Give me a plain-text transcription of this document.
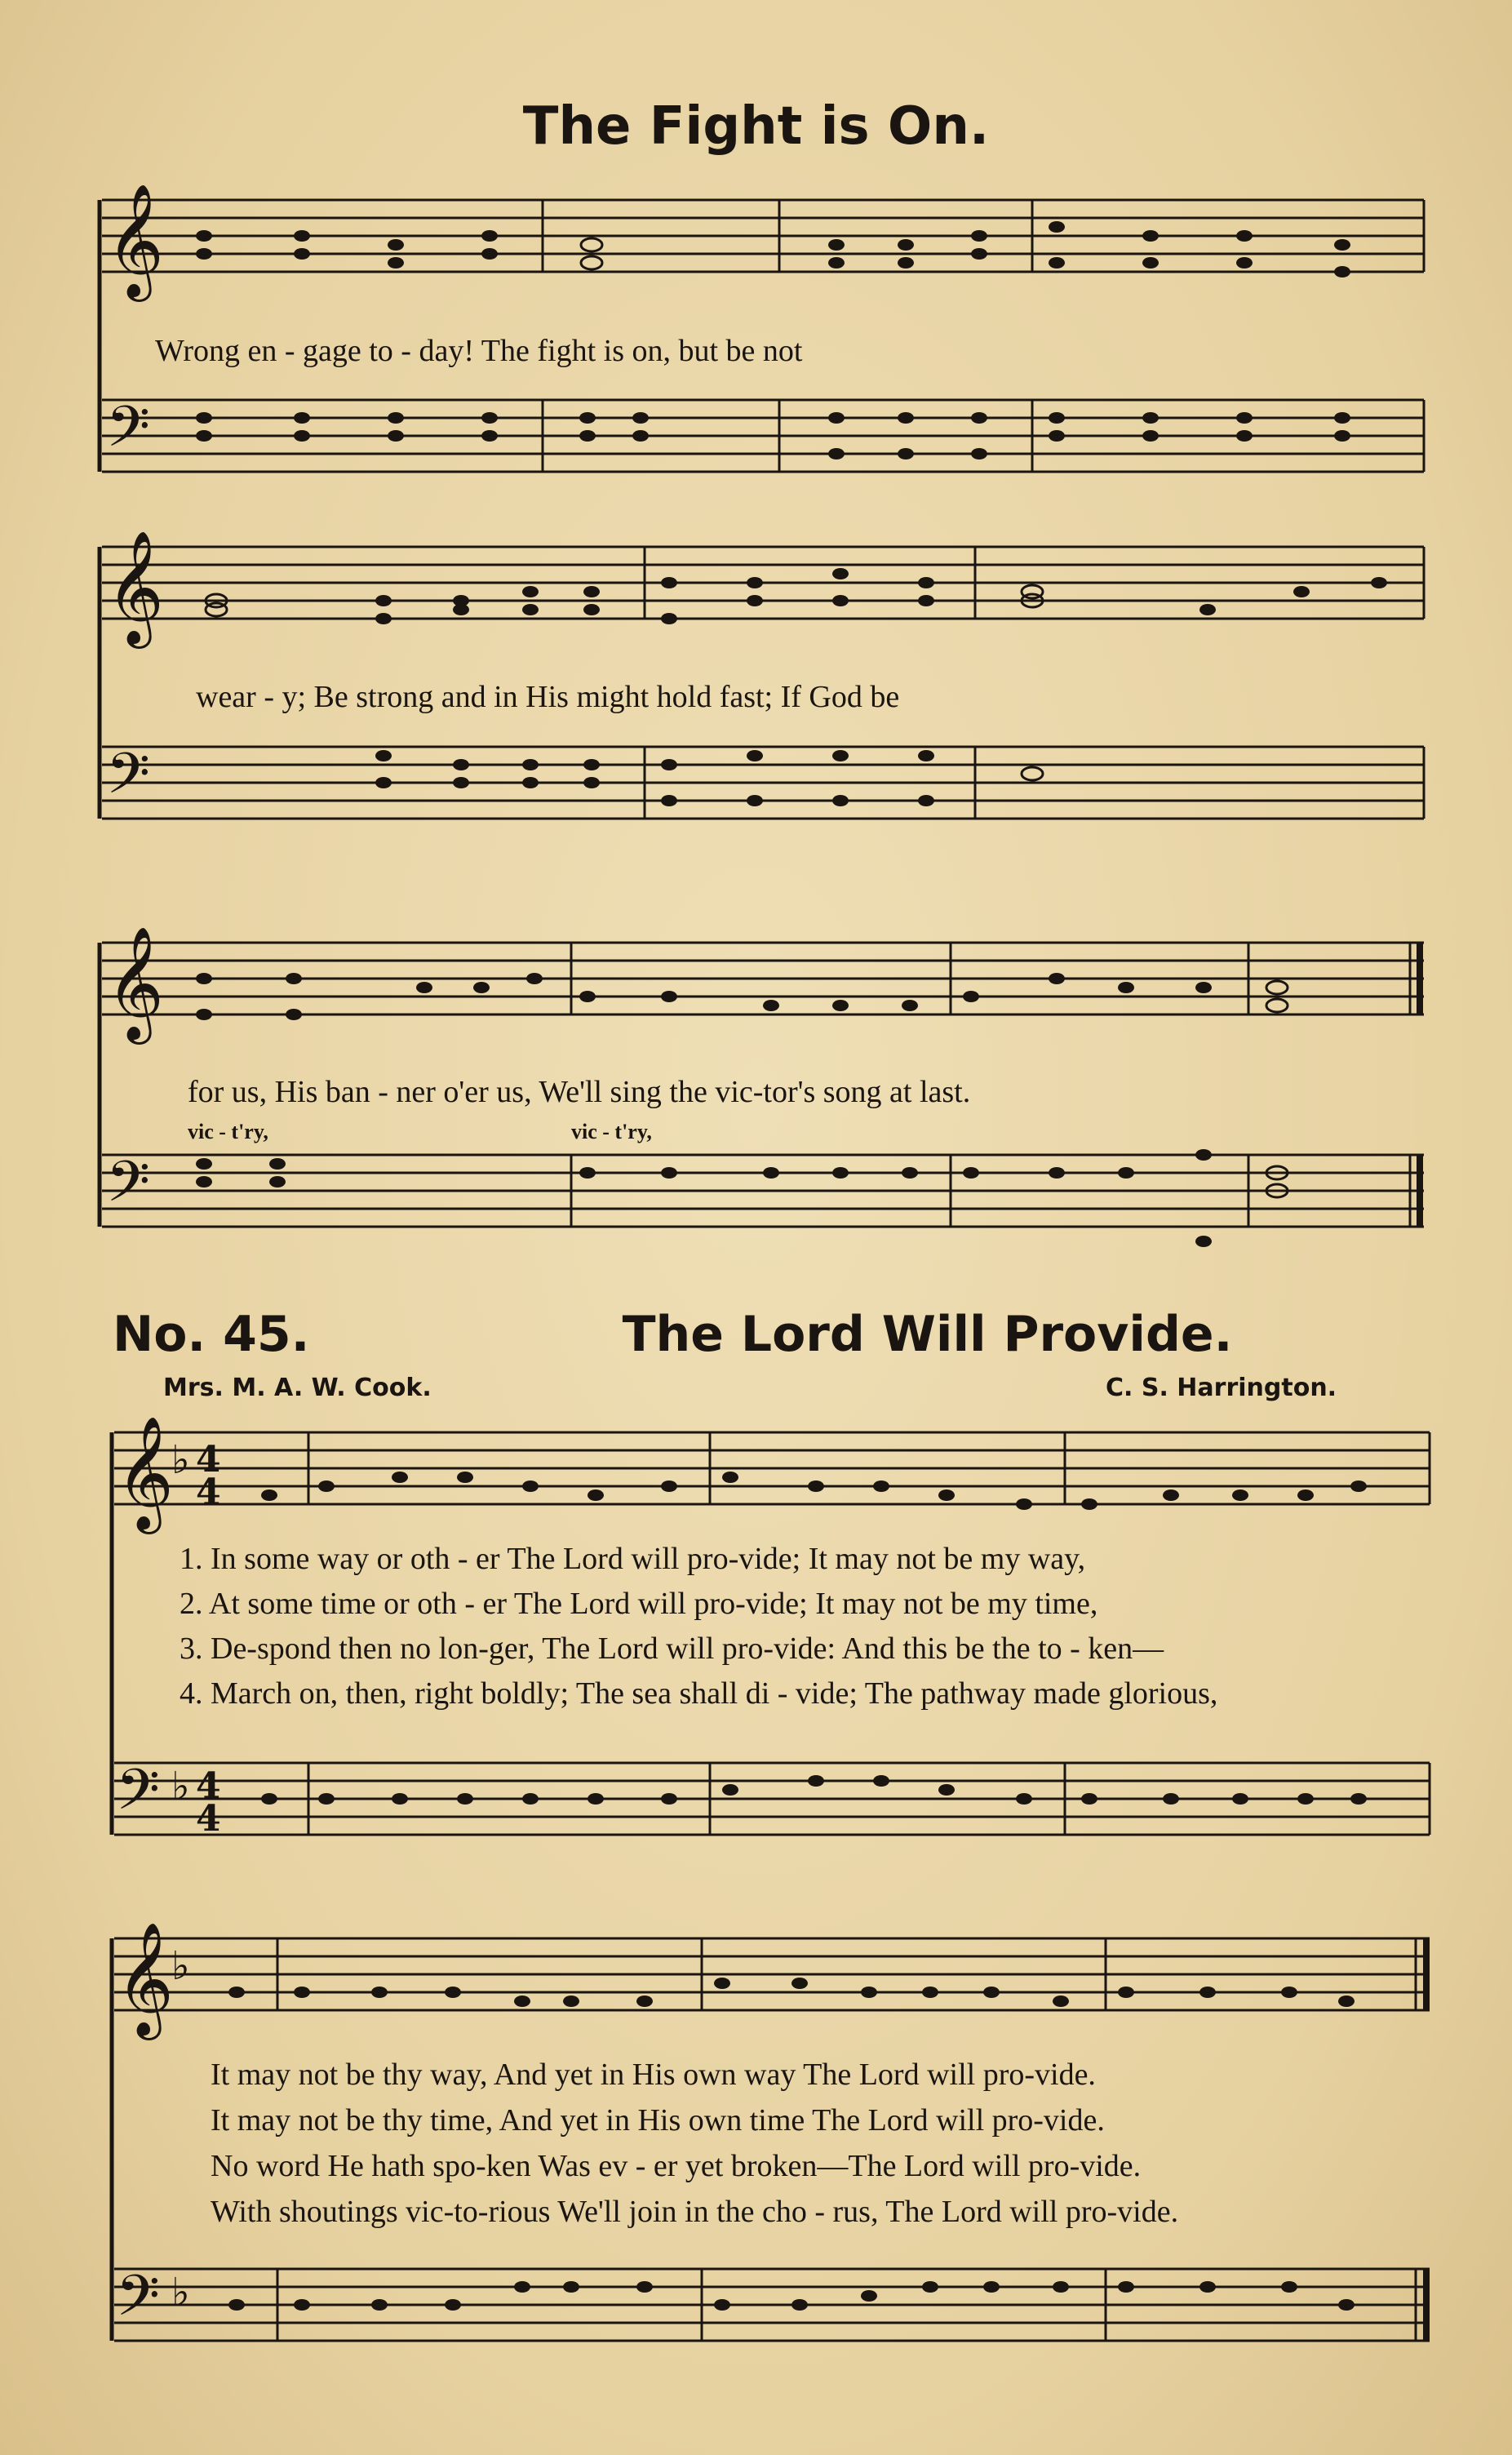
The Fight is On.
𝄞
𝄢
Wrong en - gage to - day! The fight is on, but be not
𝄞
𝄢
wear - y; Be strong and in His might hold fast; If God be
𝄞
𝄢
for us, His ban - ner o'er us, We'll sing the vic-tor's song at last.
vic - t'ry,	vic - t'ry,
No. 45.	The Lord Will Provide.
Mrs. M. A. W. Cook.	C. S. Harrington.
𝄞
♭ 4
4
𝄢 ♭ 4
4
1. In some way or oth - er The Lord will pro-vide; It may not be my way,
2. At some time or oth - er The Lord will pro-vide; It may not be my time,
3. De-spond then no lon-ger, The Lord will pro-vide: And this be the to - ken—
4. March on, then, right boldly; The sea shall di - vide; The pathway made glorious,
𝄞
♭
𝄢 ♭
It may not be thy way, And yet in His own way The Lord will pro-vide.
It may not be thy time, And yet in His own time The Lord will pro-vide.
No word He hath spo-ken Was ev - er yet broken—The Lord will pro-vide.
With shoutings vic-to-rious We'll join in the cho - rus, The Lord will pro-vide.
